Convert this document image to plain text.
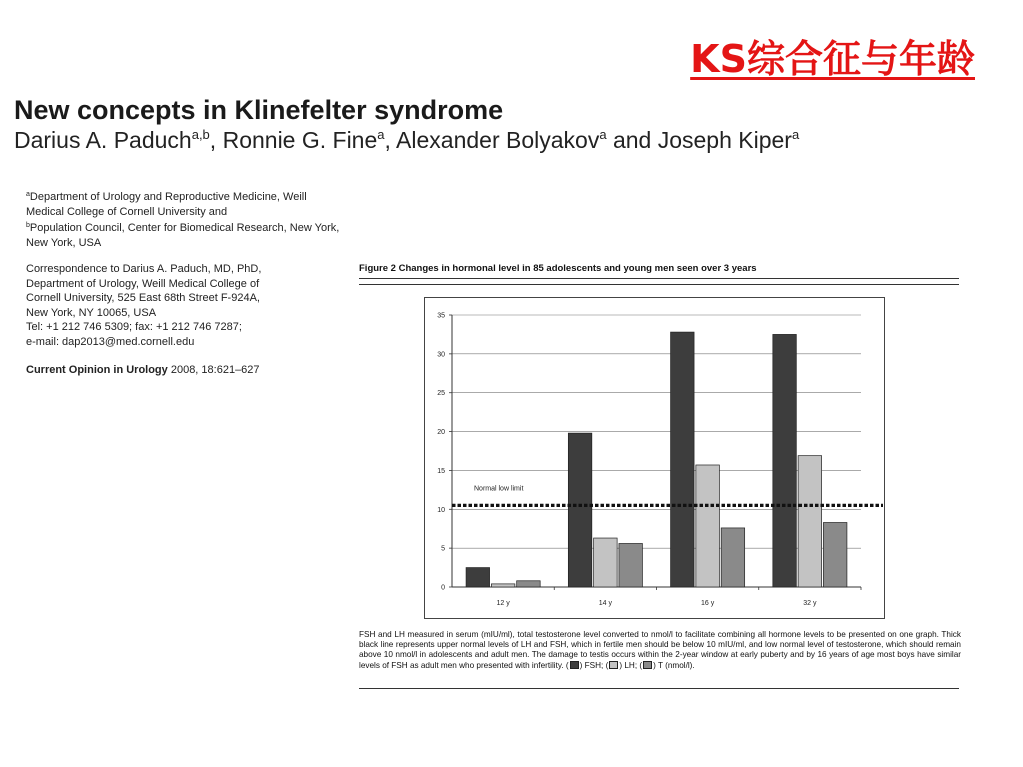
KS综合征与年龄
New concepts in Klinefelter syndrome
Darius A. Paduch$^{a,b}$, Ronnie G. Fine$^a$, Alexander Bolyakov$^a$ and Joseph Kiper$^a$

$^a$Department of Urology and Reproductive Medicine, Weill Medical College of Cornell University and

$^b$Population Council, Center for Biomedical Research, New York, New York, USA

Correspondence to Darius A. Paduch, MD, PhD,

Department of Urology, Weill Medical College of

Cornell University, 525 East 68th Street F-924A,

New York, NY 10065, USA

Tel: +1 212 746 5309; fax: +1 212 746 7287;

e-mail: dap2013@med.cornell.edu

Current Opinion in Urology 2008, 18:621–627
Figure 2 Changes in hormonal level in 85 adolescents and young men seen over 3 years
0
5
10
15
20
25
30
35
12 y	14 y	16 y	32 y
Normal low limit
FSH and LH measured in serum (mIU/ml), total testosterone level converted to nmol/l to facilitate combining all hormone levels to be presented on one graph. Thick black line represents upper normal levels of LH and FSH, which in fertile men should be below 10 mIU/ml, and low normal level of testosterone, which should remain above 10 nmol/l in adolescents and adult men. The damage to testis occurs within the 2-year window at early puberty and by 16 years of age most boys have similar levels of FSH as adult men who presented with infertility. ( ) FSH; ( ) LH; ( ) T (nmol/l).
